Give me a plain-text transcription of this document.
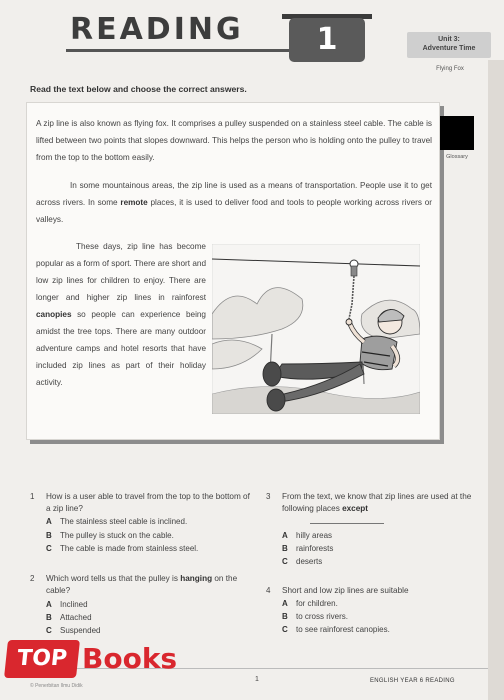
READING	1	Unit 3:
Adventure Time
Flying Fox
Read the text below and choose the correct answers.
A zip line is also known as flying fox. It comprises a pulley suspended on a stainless steel cable. The cable is lifted between two points that slopes downward. This helps the person who is holding onto the pulley to travel from the top to the bottom easily.
In some mountainous areas, the zip line is used as a means of transportation. People use it to get across rivers. In some remote places, it is used to deliver food and tools to people working across rivers or valleys.
These days, zip line has become popular as a form of sport. There are short and low zip lines for children to enjoy. There are longer and higher zip lines in rainforest canopies so people can experience being amidst the tree tops. There are many outdoor adventure camps and hotel resorts that have included zip lines as part of their holiday activity.
Glossary
1 How is a user able to travel from the top to the bottom of a zip line?
A The stainless steel cable is inclined.
B The pulley is stuck on the cable.
C The cable is made from stainless steel.
2 Which word tells us that the pulley is hanging on the cable?
A Inclined
B Attached
C Suspended
3 From the text, we know that zip lines are used at the following places except
A hilly areas
B rainforests
C deserts
4 Short and low zip lines are suitable
A for children.
B to cross rivers.
C to see rainforest canopies.
1	ENGLISH YEAR 6 READING
© Penerbitan Ilmu Didik
TOP Books
